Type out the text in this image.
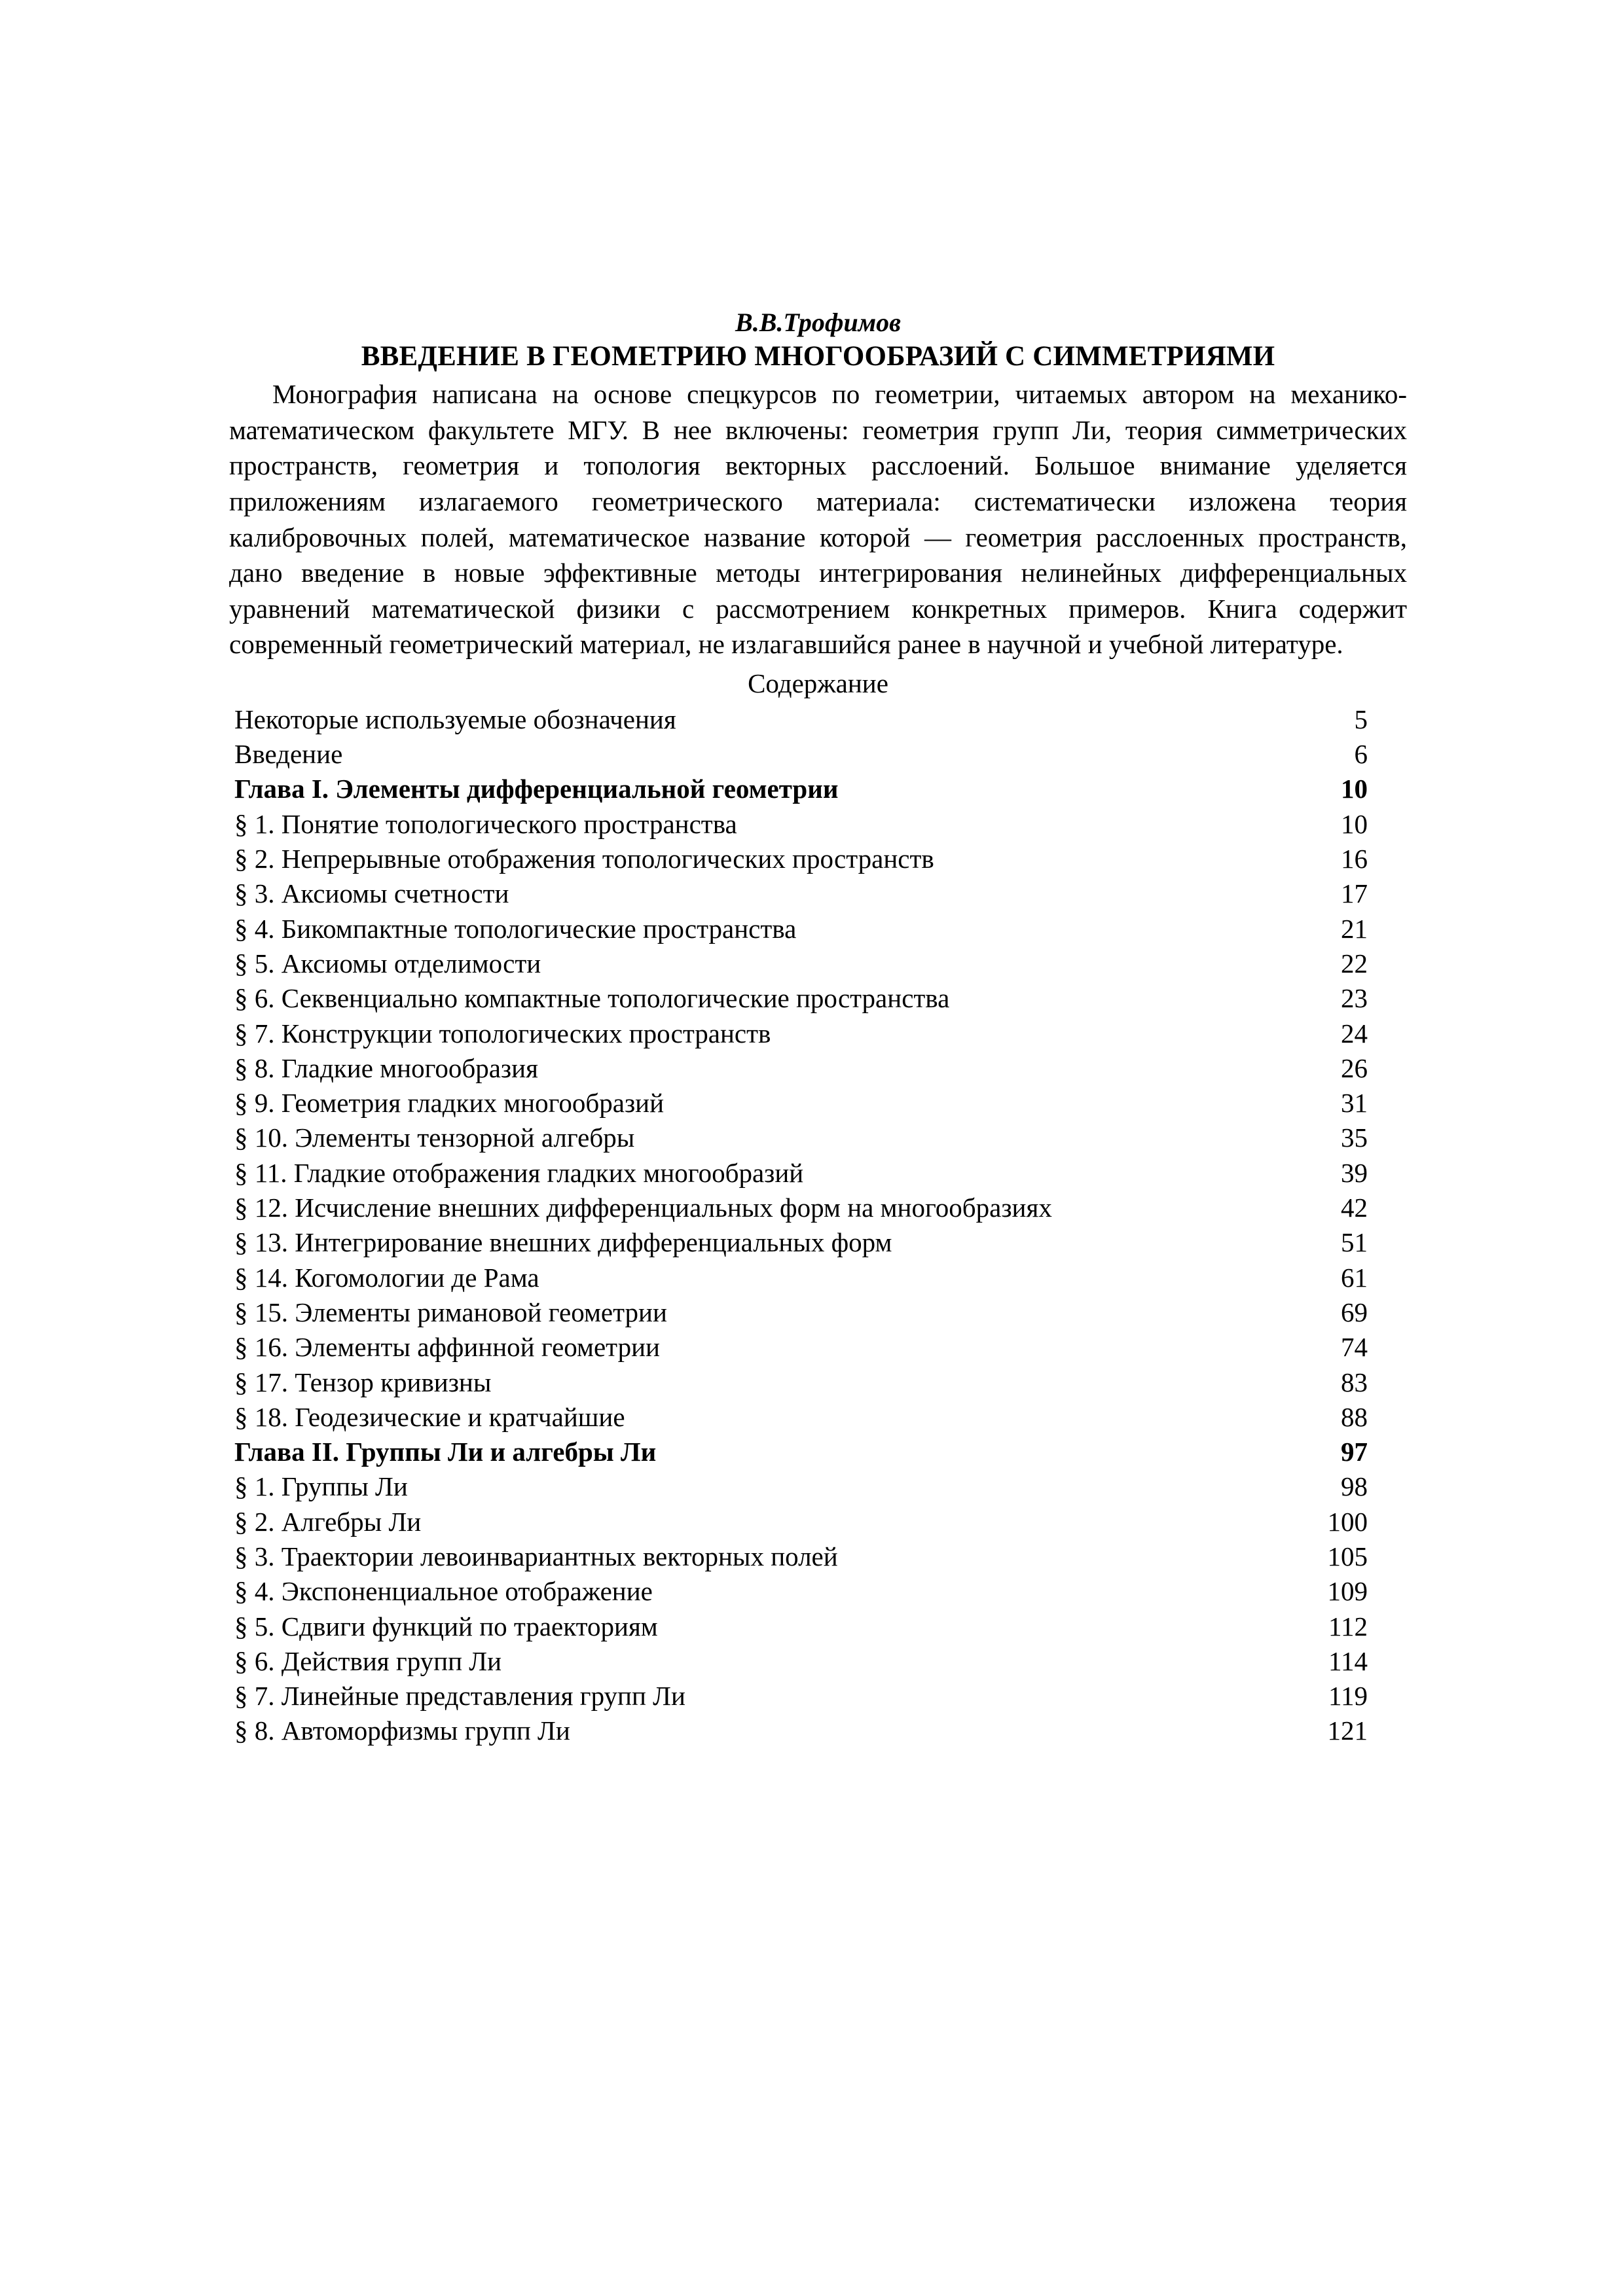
В.В.Трофимов
ВВЕДЕНИЕ В ГЕОМЕТРИЮ МНОГООБРАЗИЙ С СИММЕТРИЯМИ

Монография написана на основе спецкурсов по геометрии, читаемых автором на механико-математическом факультете МГУ. В нее включены: геометрия групп Ли, теория симметрических пространств, геометрия и топология векторных расслоений. Большое внимание уделяется приложениям излагаемого геометрического материала: систематически изложена теория калибровочных полей, математическое название которой — геометрия расслоенных пространств, дано введение в новые эффективные методы интегрирования нелинейных дифференциальных уравнений математической физики с рассмотрением конкретных примеров. Книга содержит современный геометрический материал, не излагавшийся ранее в научной и учебной литературе.

Содержание
Некоторые используемые обозначения	5
Введение	6
Глава I. Элементы дифференциальной геометрии	10
§ 1. Понятие топологического пространства	10
§ 2. Непрерывные отображения топологических пространств	16
§ 3. Аксиомы счетности	17
§ 4. Бикомпактные топологические пространства	21
§ 5. Аксиомы отделимости	22
§ 6. Секвенциально компактные топологические пространства	23
§ 7. Конструкции топологических пространств	24
§ 8. Гладкие многообразия	26
§ 9. Геометрия гладких многообразий	31
§ 10. Элементы тензорной алгебры	35
§ 11. Гладкие отображения гладких многообразий	39
§ 12. Исчисление внешних дифференциальных форм на многообразиях	42
§ 13. Интегрирование внешних дифференциальных форм	51
§ 14. Когомологии де Рама	61
§ 15. Элементы римановой геометрии	69
§ 16. Элементы аффинной геометрии	74
§ 17. Тензор кривизны	83
§ 18. Геодезические и кратчайшие	88
Глава II. Группы Ли и алгебры Ли	97
§ 1. Группы Ли	98
§ 2. Алгебры Ли	100
§ 3. Траектории левоинвариантных векторных полей	105
§ 4. Экспоненциальное отображение	109
§ 5. Сдвиги функций по траекториям	112
§ 6. Действия групп Ли	114
§ 7. Линейные представления групп Ли	119
§ 8. Автоморфизмы групп Ли	121
